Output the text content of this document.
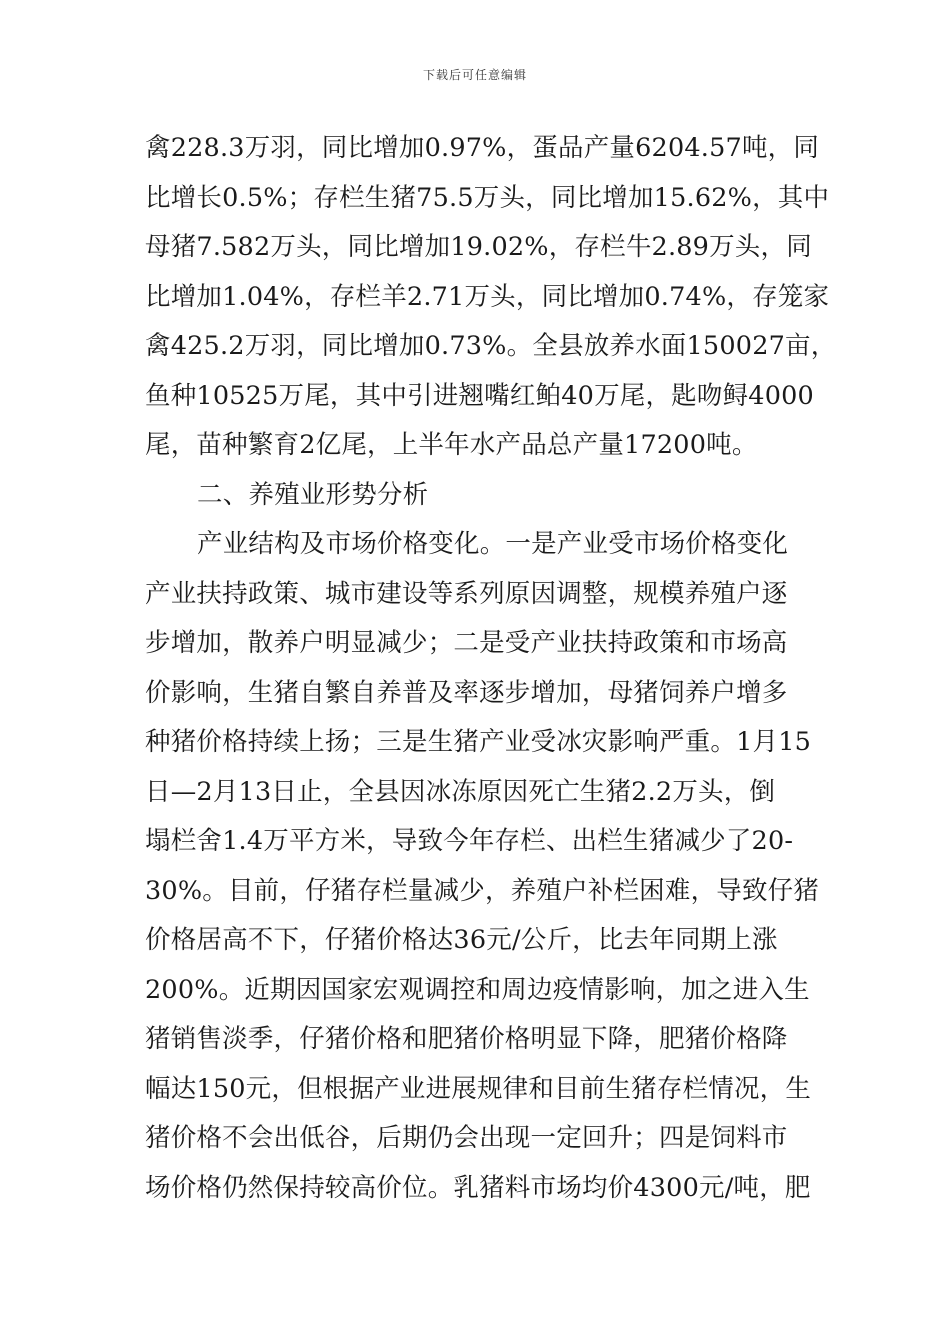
下载后可任意编辑
禽228.3万羽，同比增加0.97%，蛋品产量6204.57吨，同
比增长0.5%；存栏生猪75.5万头，同比增加15.62%，其中
母猪7.582万头，同比增加19.02%，存栏牛2.89万头，同
比增加1.04%，存栏羊2.71万头，同比增加0.74%，存笼家
禽425.2万羽，同比增加0.73%。全县放养水面150027亩，
鱼种10525万尾，其中引进翘嘴红鲌40万尾，匙吻鲟4000
尾，苗种繁育2亿尾，上半年水产品总产量17200吨。
二、养殖业形势分析
产业结构及市场价格变化。一是产业受市场价格变化
产业扶持政策、城市建设等系列原因调整，规模养殖户逐
步增加，散养户明显减少；二是受产业扶持政策和市场高
价影响，生猪自繁自养普及率逐步增加，母猪饲养户增多
种猪价格持续上扬；三是生猪产业受冰灾影响严重。1月15
日—2月13日止，全县因冰冻原因死亡生猪2.2万头，倒
塌栏舍1.4万平方米，导致今年存栏、出栏生猪减少了20-
30%。目前，仔猪存栏量减少，养殖户补栏困难，导致仔猪
价格居高不下，仔猪价格达36元/公斤，比去年同期上涨
200%。近期因国家宏观调控和周边疫情影响，加之进入生
猪销售淡季，仔猪价格和肥猪价格明显下降，肥猪价格降
幅达150元，但根据产业进展规律和目前生猪存栏情况，生
猪价格不会出低谷，后期仍会出现一定回升；四是饲料市
场价格仍然保持较高价位。乳猪料市场均价4300元/吨，肥
